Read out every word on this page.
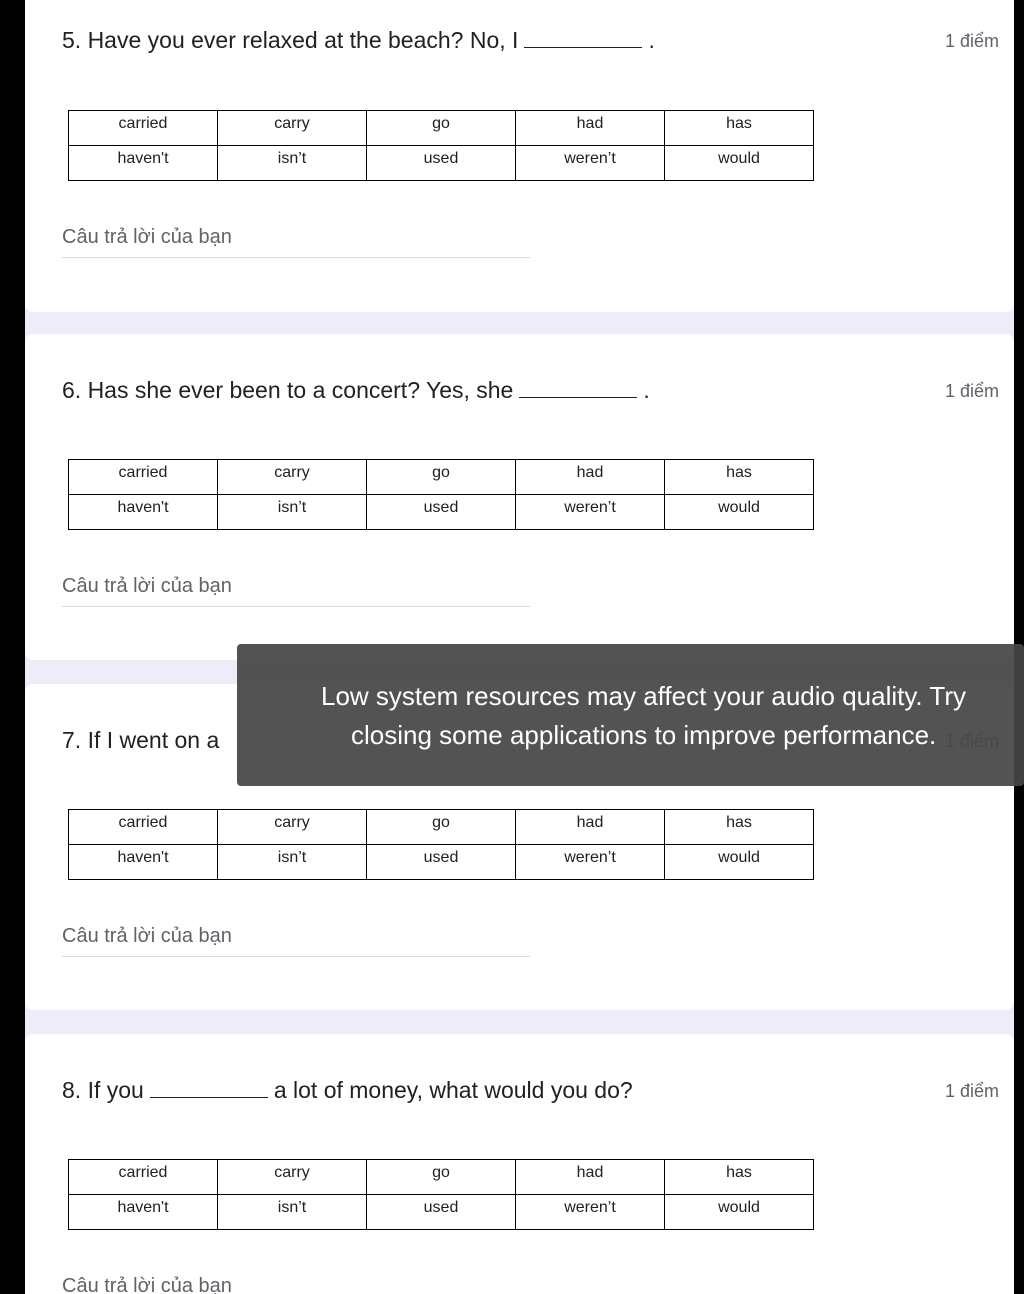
5. Have you ever relaxed at the beach? No, I	.	1 điểm
carried	carry	go	had	has
haven't	isn’t	used	weren’t	would
Câu trả lời của bạn
6. Has she ever been to a concert? Yes, she	.	1 điểm
carried	carry	go	had	has
haven't	isn’t	used	weren’t	would
Câu trả lời của bạn
7. If I went on a
carried	carry	go	had	has
haven't	isn’t	used	weren’t	would
Câu trả lời của bạn
8. If you	a lot of money, what would you do?	1 điểm
carried	carry	go	had	has
haven't	isn’t	used	weren’t	would
Câu trả lời của bạn
Low system resources may affect your audio quality. Try
closing some applications to improve performance.
